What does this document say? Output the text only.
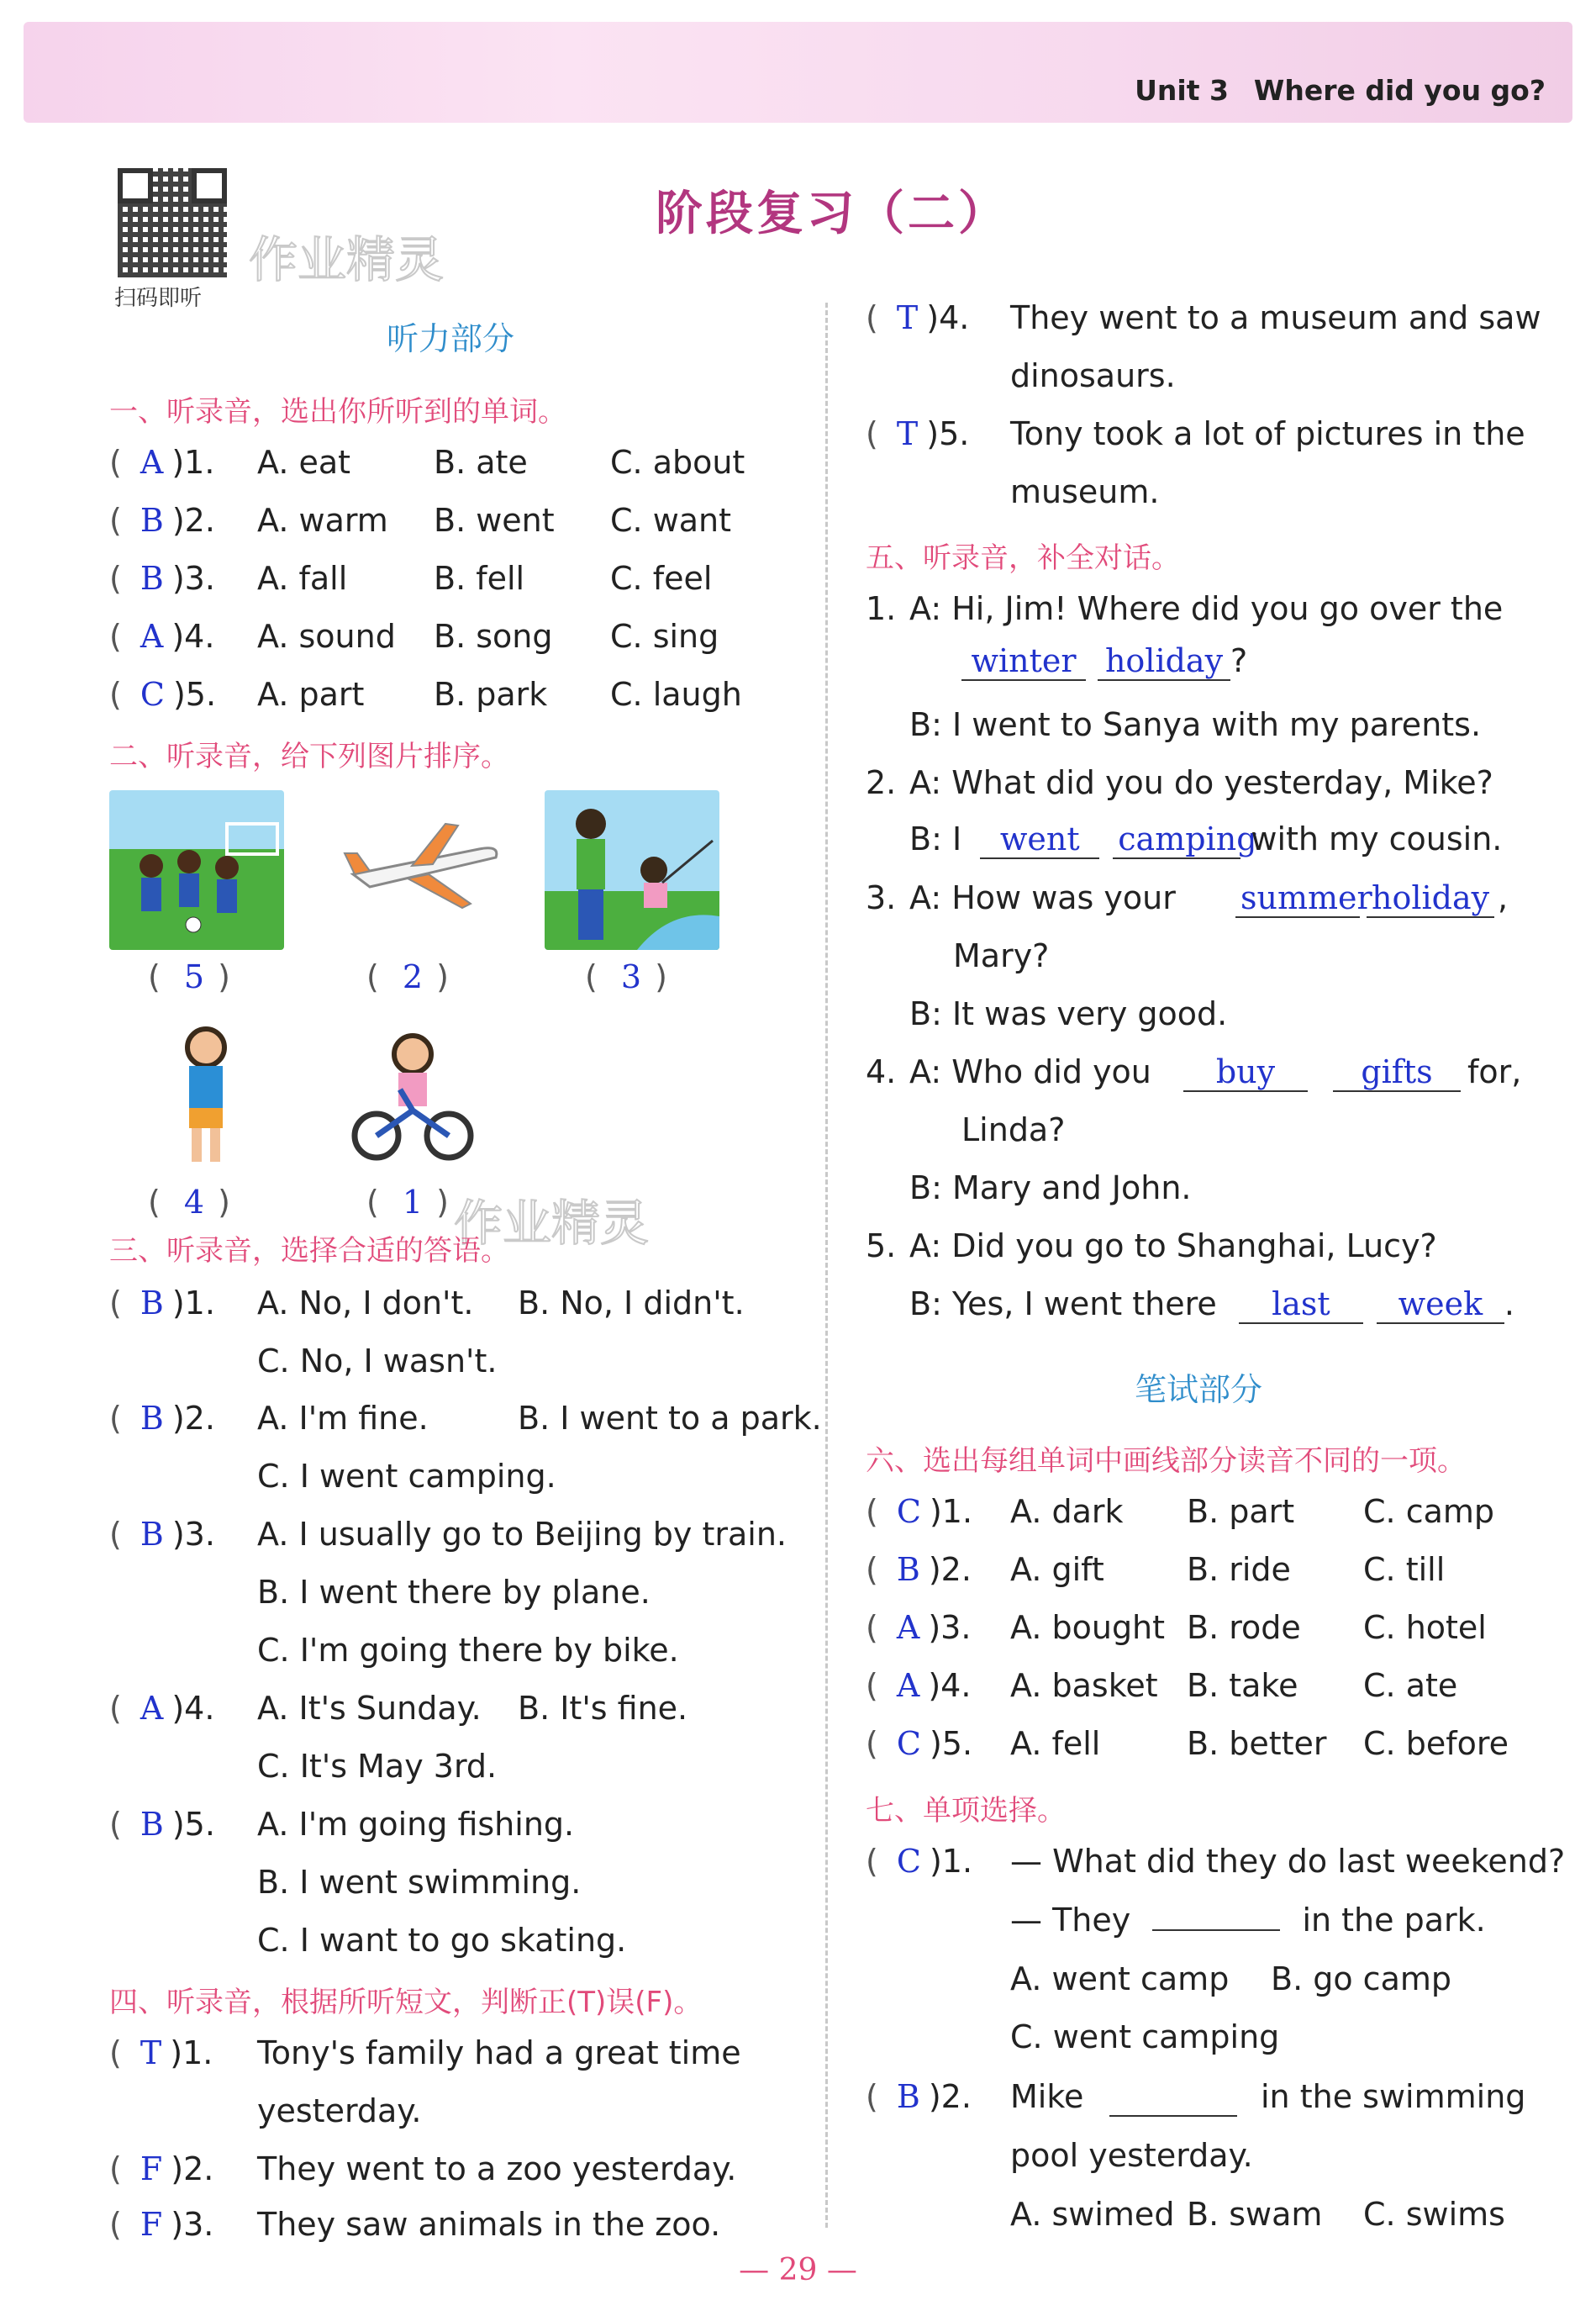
Unit 3 Where did you go?
扫码即听
作业精灵
作业精灵
阶段复习（二）
听力部分
一、听录音，选出你所听到的单词。
( A )1. A. eat	B. ate	C. about
( B )2. A. warm B. went C. want
( B )3. A. fall	B. fell	C. feel
( A )4. A. sound B. song C. sing
( C )5. A. part B. park C. laugh
二、听录音，给下列图片排序。
( 5 )	( 2 )	( 3 )
( 4 )	( 1 )
三、听录音，选择合适的答语。
( B )1. A. No, I don't. B. No, I didn't.
C. No, I wasn't.
( B )2. A. I'm fine.	B. I went to a park.
C. I went camping.
( B )3. A. I usually go to Beijing by train.
B. I went there by plane.
C. I'm going there by bike.
( A )4. A. It's Sunday. B. It's fine.
C. It's May 3rd.
( B )5. A. I'm going fishing.
B. I went swimming.
C. I want to go skating.
四、听录音，根据所听短文，判断正(T)误(F)。
( T )1. Tony's family had a great time
yesterday.
( F )2. They went to a zoo yesterday.
( F )3. They saw animals in the zoo.
( T )4. They went to a museum and saw
dinosaurs.
( T )5. Tony took a lot of pictures in the
museum.
五、听录音，补全对话。
1. A: Hi, Jim! Where did you go over the
winter holiday ?
B: I went to Sanya with my parents.
2. A: What did you do yesterday, Mike?
B: I went camping with my cousin.
3. A: How was your summer holiday ,
Mary?
B: It was very good.
4. A: Who did you	buy	gifts	for,
Linda?
B: Mary and John.
5. A: Did you go to Shanghai, Lucy?
B: Yes, I went there last week .
笔试部分
六、选出每组单词中画线部分读音不同的一项。
( C )1. A. dark B. part C. camp
( B )2. A. gift	B. ride C. till
( A )3. A. bought B. rode C. hotel
( A )4. A. basket B. take C. ate
( C )5. A. fell	B. better C. before
七、单项选择。
( C )1. — What did they do last weekend?
— They	in the park.
A. went camp B. go camp
C. went camping
( B )2. Mike
	in the swimming
pool yesterday.
A. swimed B. swam C. swims
— 29 —
